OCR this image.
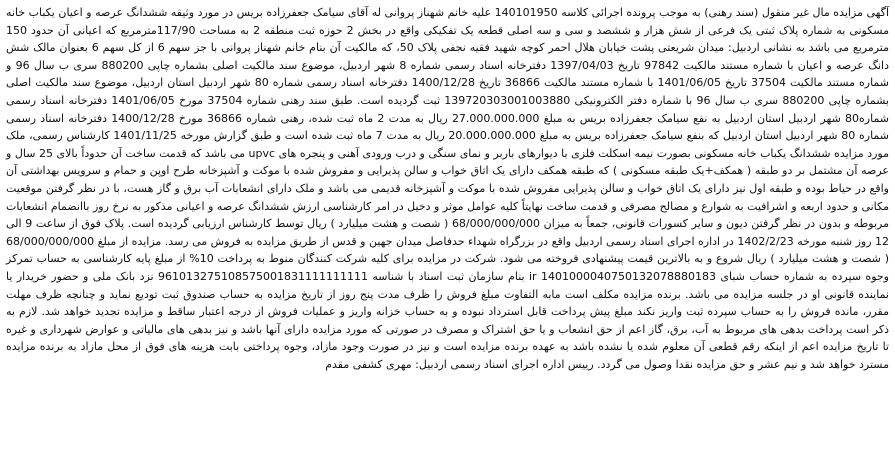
آگهی مزایده مال غیر منقول (سند رهنی) به موجب پرونده اجرائی کلاسه 140101950 علیه خانم شهناز پروانی له آقای سیامک جعفرزاده بریس در مورد وثیقه ششدانگ عرصه و اعیان یکباب خانه مسکونی به شماره پلاک ثبتی یک فرعی از شش هزار و ششصد و سی و سه اصلی قطعه یک تفکیکی واقع در بخش 2 حوزه ثبت منطقه 2 به مساحت 117/90مترمربع که اعیانی آن حدود 150 مترمربع می باشد به نشانی اردبیل: میدان شریعتی پشت خیابان هلال احمر کوچه شهید فقیه نجفی پلاک 50، که مالکیت آن بنام خانم شهناز پروانی با جز سهم 6 از کل سهم 6 بعنوان مالک شش دانگ عرصه و اعیان با شماره مستند مالکیت 97842 تاریخ 1397/04/03 دفترخانه اسناد رسمی شماره 8 شهر اردبیل، موضوع سند مالکیت اصلی بشماره چاپی 880200 سری ب سال 96 و شماره مستند مالکیت 37504 تاریخ 1401/06/05 با شماره مستند مالکیت 36866 تاریخ 1400/12/28 دفترخانه اسناد رسمی شماره 80 شهر اردبیل استان اردبیل، موضوع سند مالکیت اصلی بشماره چاپی 880200 سری ب سال 96 با شماره دفتر الکترونیکی 139720303001003880 ثبت گردیده است. طبق سند رهنی شماره 37504 مورخ 1401/06/05 دفترخانه اسناد رسمی شماره80 شهر اردبیل استان اردبیل به نفع سیامک جعفرزاده بریس به مبلغ 27.000.000.000 ریال به مدت 2 ماه ثبت شده، رهنی شماره 36866 مورخ 1400/12/28 دفترخانه اسناد رسمی شماره 80 شهر اردبیل استان اردبیل که بنفع سیامک جعفرزاده بریس به مبلغ 20.000.000.000 ریال به مدت 7 ماه ثبت شده است و طبق گزارش مورخه 1401/11/25 کارشناس رسمی، ملک مورد مزایده ششدانگ یکباب خانه مسکونی بصورت نیمه اسکلت فلزی با دیوارهای باربر و نمای سنگی و درب ورودی آهنی و پنجره های upvc می باشد که قدمت ساخت آن حدوداً بالای 25 سال و عرصه آن مشتمل بر دو طبقه ( همکف+یک طبقه مسکونی ) که طبقه همکف دارای یک اتاق خواب و سالن پذیرایی و مفروش شده با موکت و آشپزخانه طرح اوپن و حمام و سرویس بهداشتی آن واقع در حیاط بوده و طبقه اول نیز دارای یک اتاق خواب و سالن پذیرایی مفروش شده با موکت و آشپزخانه قدیمی می باشد و ملک دارای انشعابات آب برق و گاز هست، با در نظر گرفتن موقعیت مکانی و حدود اربعه و اشرافیت به شوارع و مصالح مصرفی و قدمت ساخت نهایتاً کلیه عوامل موثر و دخیل در امر کارشناسی ارزش ششدانگ عرصه و اعیانی مذکور به نرخ روز باانضمام انشعابات مربوطه و بدون در نظر گرفتن دیون و سایر کسورات قانونی، جمعاً به میزان 68/000/000/000 ( شصت و هشت میلیارد ) ریال توسط کارشناس ارزیابی گردیده است. پلاک فوق از ساعت 9 الی 12 روز شنبه مورخه 1402/2/23 در اداره اجرای اسناد رسمی اردبیل واقع در بزرگراه شهداء حدفاصل میدان جهین و قدس از طریق مزایده به فروش می رسد. مزایده از مبلغ 68/000/000/000 ( شصت و هشت میلیارد ) ریال شروع و به بالاترین قیمت پیشنهادی فروخته می شود. شرکت در مزایده برای کلیه شرکت کنندگان منوط به پرداخت 10% از مبلغ پایه کارشناسی به حساب تمرکز وجوه سپرده به شماره حساب شبای 1401000040750132078880183 ir بنام سازمان ثبت اسناد با شناسه 961013275108575001831111111111 نزد بانک ملی و حضور خریدار یا نماینده قانونی او در جلسه مزایده می باشد. برنده مزایده مکلف است مابه التفاوت مبلغ فروش را ظرف مدت پنج روز از تاریخ مزایده به حساب صندوق ثبت تودیع نماید و چنانچه ظرف مهلت مقرر، مانده فروش را به حساب سپرده ثبت واریز نکند مبلغ پیش پرداخت قابل استرداد نبوده و به حساب خزانه واریز و عملیات فروش از درجه اعتبار ساقط و مزایده تجدید خواهد شد. لازم به ذکر است پرداخت بدهی های مربوط به آب، برق، گاز اعم از حق انشعاب و یا حق اشتراک و مصرف در صورتی که مورد مزایده دارای آنها باشد و نیز بدهی های مالیاتی و عوارض شهرداری و غیره تا تاریخ مزایده اعم از اینکه رقم قطعی آن معلوم شده یا نشده باشد به عهده برنده مزایده است و نیز در صورت وجود مازاد، وجوه پرداختی بابت هزینه های فوق از محل مازاد به برنده مزایده مسترد خواهد شد و نیم عشر و حق مزایده نقدا وصول می گردد. رییس اداره اجرای اسناد رسمی اردبیل: مهری کشفی مقدم
